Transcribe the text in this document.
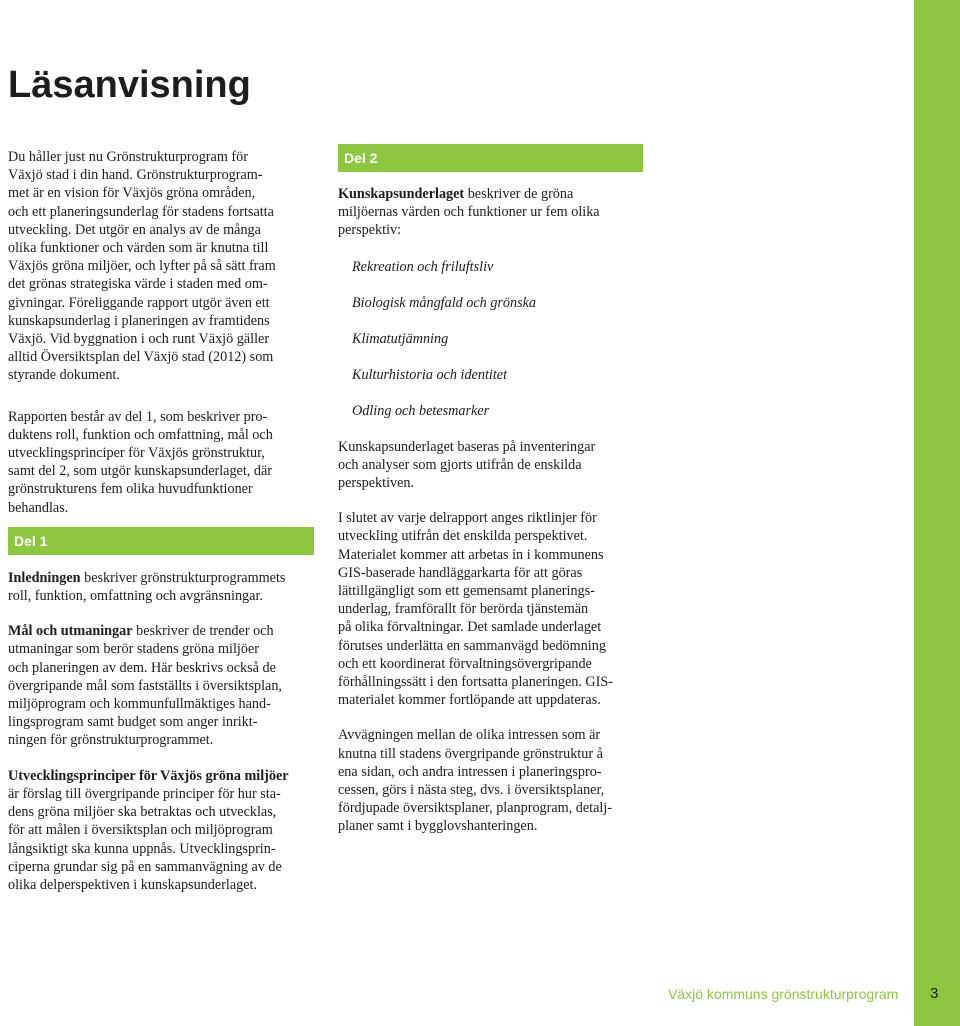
Läsanvisning

Du håller just nu Grönstrukturprogram för
Växjö stad i din hand. Grönstrukturprogram-
met är en vision för Växjös gröna områden,
och ett planeringsunderlag för stadens fortsatta
utveckling. Det utgör en analys av de många
olika funktioner och värden som är knutna till
Växjös gröna miljöer, och lyfter på så sätt fram
det grönas strategiska värde i staden med om-
givningar. Föreliggande rapport utgör även ett
kunskapsunderlag i planeringen av framtidens
Växjö. Vid byggnation i och runt Växjö gäller
alltid Översiktsplan del Växjö stad (2012) som
styrande dokument.

Rapporten består av del 1, som beskriver pro-
duktens roll, funktion och omfattning, mål och
utvecklingsprinciper för Växjös grönstruktur,
samt del 2, som utgör kunskapsunderlaget, där
grönstrukturens fem olika huvudfunktioner
behandlas.

Del 1

Inledningen beskriver grönstrukturprogrammets
roll, funktion, omfattning och avgränsningar.

Mål och utmaningar beskriver de trender och
utmaningar som berör stadens gröna miljöer
och planeringen av dem. Här beskrivs också de
övergripande mål som fastställts i översiktsplan,
miljöprogram och kommunfullmäktiges hand-
lingsprogram samt budget som anger inrikt-
ningen för grönstrukturprogrammet.

Utvecklingsprinciper för Växjös gröna miljöer
är förslag till övergripande principer för hur sta-
dens gröna miljöer ska betraktas och utvecklas,
för att målen i översiktsplan och miljöprogram
långsiktigt ska kunna uppnås. Utvecklingsprin-
ciperna grundar sig på en sammanvägning av de
olika delperspektiven i kunskapsunderlaget.

Del 2

Kunskapsunderlaget beskriver de gröna
miljöernas värden och funktioner ur fem olika
perspektiv:

Rekreation och friluftsliv
Biologisk mångfald och grönska
Klimatutjämning
Kulturhistoria och identitet
Odling och betesmarker

Kunskapsunderlaget baseras på inventeringar
och analyser som gjorts utifrån de enskilda
perspektiven.

I slutet av varje delrapport anges riktlinjer för
utveckling utifrån det enskilda perspektivet.
Materialet kommer att arbetas in i kommunens
GIS-baserade handläggarkarta för att göras
lättillgängligt som ett gemensamt planerings-
underlag, framförallt för berörda tjänstemän
på olika förvaltningar. Det samlade underlaget
förutses underlätta en sammanvägd bedömning
och ett koordinerat förvaltningsövergripande
förhållningssätt i den fortsatta planeringen. GIS-
materialet kommer fortlöpande att uppdateras.

Avvägningen mellan de olika intressen som är
knutna till stadens övergripande grönstruktur å
ena sidan, och andra intressen i planeringspro-
cessen, görs i nästa steg, dvs. i översiktsplaner,
fördjupade översiktsplaner, planprogram, detalj-
planer samt i bygglovshanteringen.

Växjö kommuns grönstrukturprogram 3
